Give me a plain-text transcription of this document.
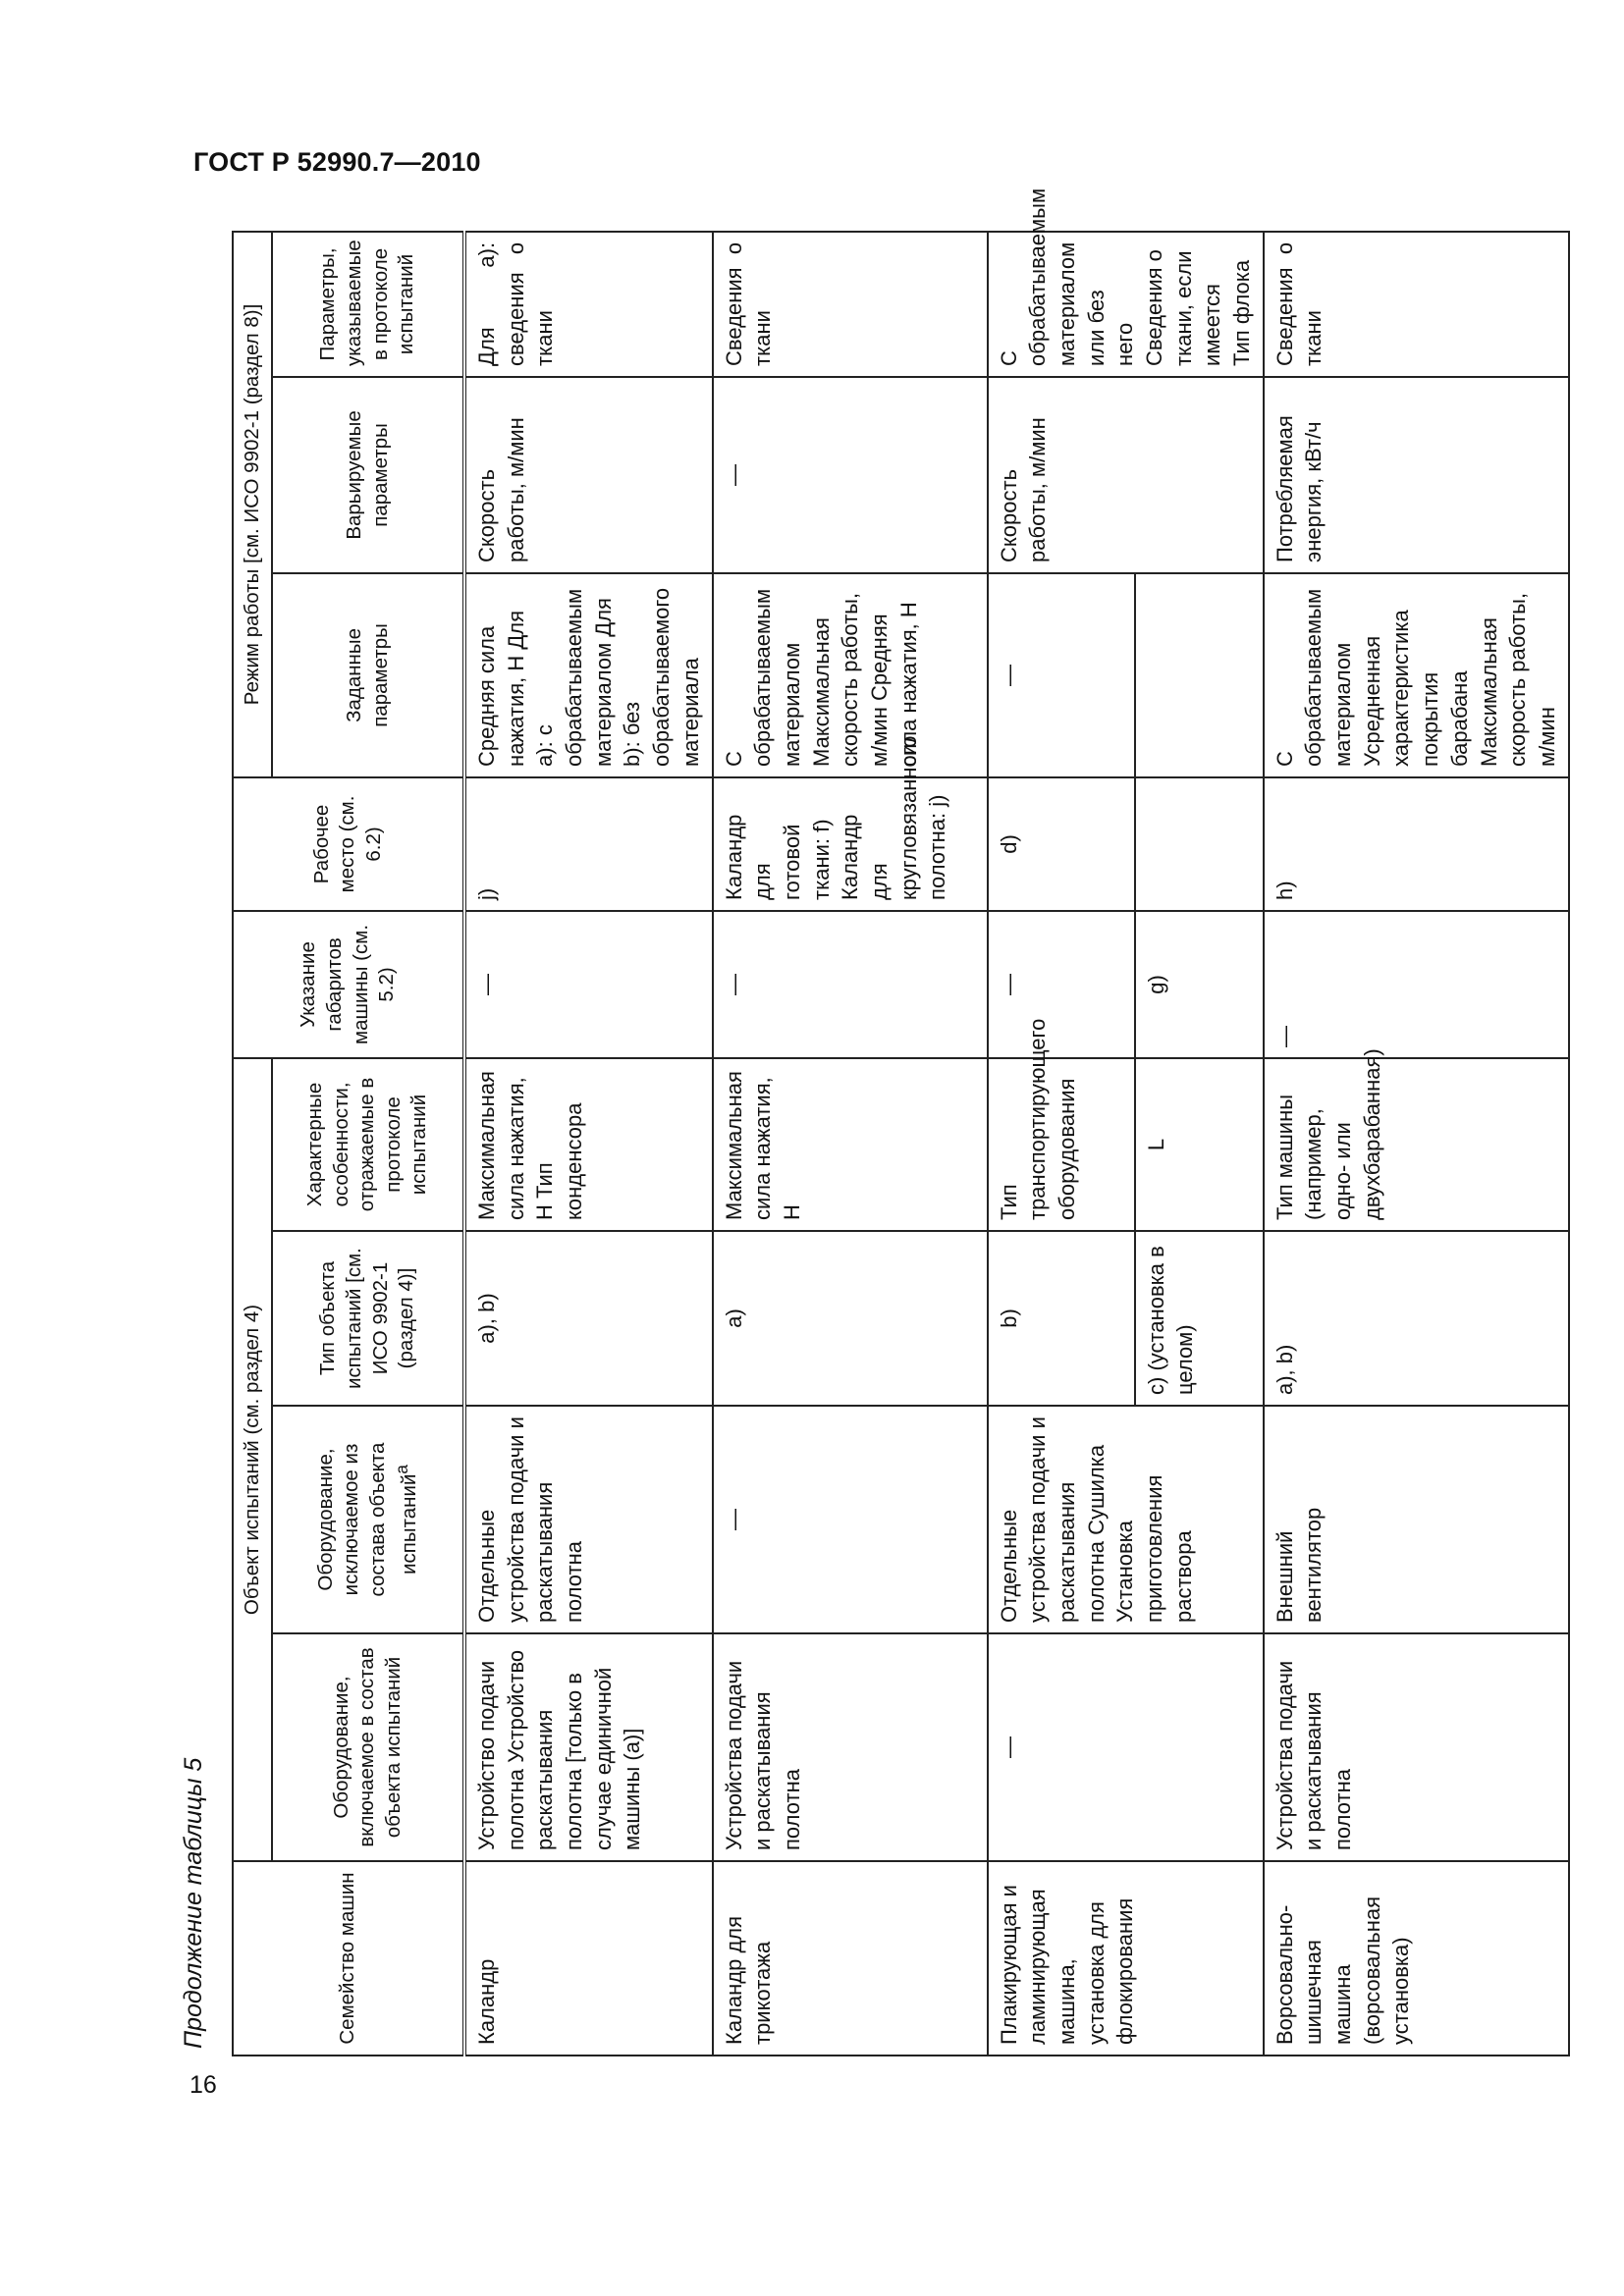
ГОСТ Р 52990.7—2010
Продолжение таблицы 5
16
Семейство машин	Объект испытаний (см. раздел 4)				Указание габаритов машины (см. 5.2)	Рабочее место (см. 6.2)	Режим работы [см. ИСО 9902-1 (раздел 8)]		
	Оборудование, включаемое в состав объекта испытаний	Оборудование, исключаемое из состава объекта испытаний$^a$	Тип объекта испытаний [см. ИСО 9902-1 (раздел 4)]	Характерные особенности, отражаемые в протоколе испытаний			Заданные параметры	Варьируемые параметры	Параметры, указываемые в протоколе испытаний
Каландр	Устройство подачи полотна Устройство раскатывания полотна [только в случае единичной машины (а)]	Отдельные устройства подачи и раскатывания полотна	a), b)	Максимальная сила нажатия, Н Тип конденсора	—	j)	Средняя сила нажатия, Н Для а): с обрабатываемым материалом Для b): без обрабатываемого материала	Скорость работы, м/мин	Для а): сведения о ткани
Каландр для трикотажа	Устройства подачи и раскатывания полотна	—	a)	Максимальная сила нажатия, Н	—	Каландр для готовой ткани: f) Каландр для кругловязанного полотна: j)	С обрабатываемым материалом Максимальная скорость работы, м/мин Средняя сила нажатия, Н	—	Сведения о ткани
Плакирующая и ламинирующая машина, установка для флокирования	—	Отдельные устройства подачи и раскатывания полотна Сушилка Установка приготовления раствора	b)	Тип транспортирующего оборудования	—	d)	—	Скорость работы, м/мин	С обрабатываемым материалом или без него Сведения о ткани, если имеется Тип флока
			c) (установка в целом)	L	g)				
Ворсовально-шишечная машина (ворсовальная установка)	Устройства подачи и раскатывания полотна	Внешний вентилятор	a), b)	Тип машины (например, одно- или двухбарабанная)	—	h)	С обрабатываемым материалом Усредненная характеристика покрытия барабана Максимальная скорость работы, м/мин	Потребляемая энергия, кВт/ч	Сведения о ткани
